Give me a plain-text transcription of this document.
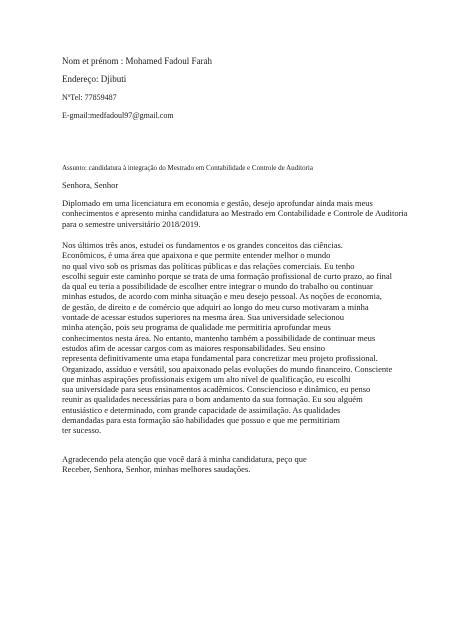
Nom et prénom : Mohamed Fadoul Farah
Endereço: Djibuti
NºTel: 77859487
E-gmail:medfadoul97@gmail.com
Assunto: candidatura à integração do Mestrado em Contabilidade e Controle de Auditoria
Senhora, Senhor
Diplomado em uma licenciatura em economia e gestão, desejo aprofundar ainda mais meus
conhecimentos e apresento minha candidatura ao Mestrado em Contabilidade e Controle de Auditoria
para o semestre universitário 2018/2019.
Nos últimos três anos, estudei os fundamentos e os grandes conceitos das ciências.
Econômicos, é uma área que apaixona e que permite entender melhor o mundo
no qual vivo sob os prismas das políticas públicas e das relações comerciais. Eu tenho
escolhi seguir este caminho porque se trata de uma formação profissional de curto prazo, ao final
da qual eu teria a possibilidade de escolher entre integrar o mundo do trabalho ou continuar
minhas estudos, de acordo com minha situação e meu desejo pessoal. As noções de economia,
de gestão, de direito e de comércio que adquiri ao longo do meu curso motivaram a minha
vontade de acessar estudos superiores na mesma área. Sua universidade selecionou
minha atenção, pois seu programa de qualidade me permitiria aprofundar meus
conhecimentos nesta área. No entanto, mantenho também a possibilidade de continuar meus
estudos afim de acessar cargos com as maiores responsabilidades. Seu ensino
representa definitivamente uma etapa fundamental para concretizar meu projeto profissional.
Organizado, assíduo e versátil, sou apaixonado pelas evoluções do mundo financeiro. Consciente
que minhas aspirações profissionais exigem um alto nível de qualificação, eu escolhi
sua universidade para seus ensinamentos acadêmicos. Consciencioso e dinâmico, eu penso
reunir as qualidades necessárias para o bom andamento da sua formação. Eu sou alguém
entusiástico e determinado, com grande capacidade de assimilação. As qualidades
demandadas para esta formação são habilidades que possuo e que me permitiriam
ter sucesso.
Agradecendo pela atenção que você dará à minha candidatura, peço que
Receber, Senhora, Senhor, minhas melhores saudações.
